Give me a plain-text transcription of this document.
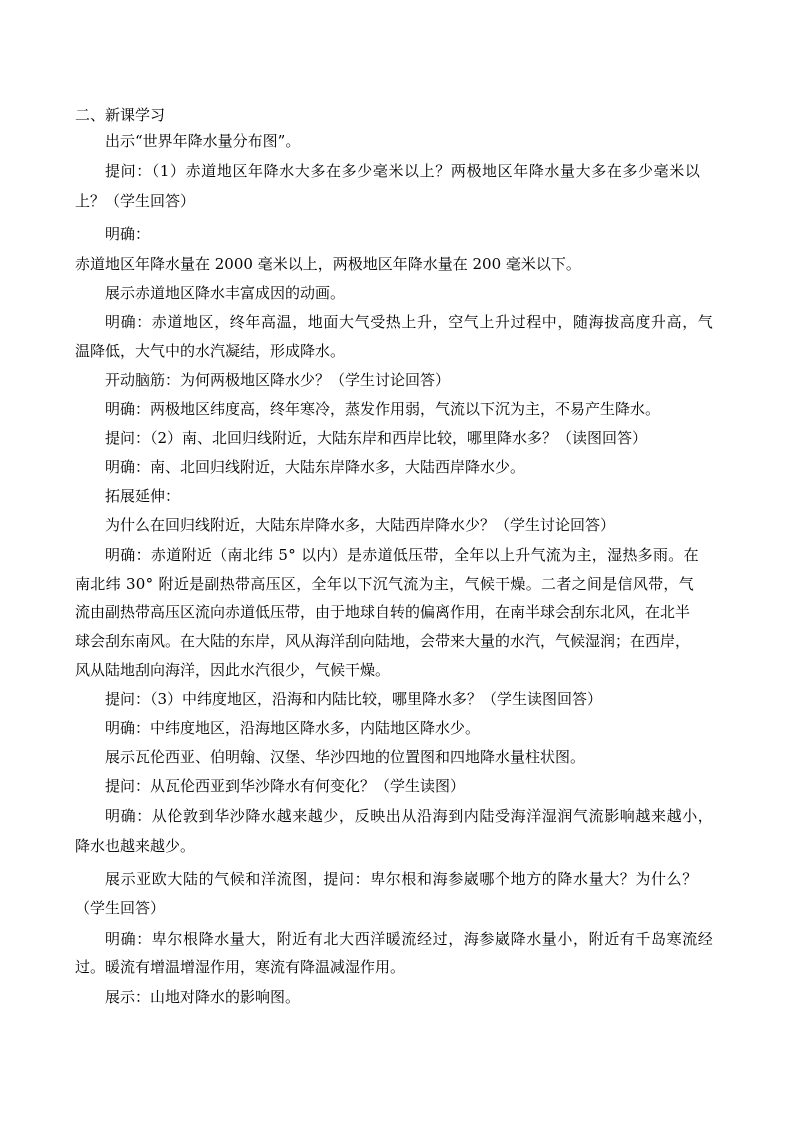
二、新课学习
出示“世界年降水量分布图”。
提问：（1）赤道地区年降水大多在多少毫米以上？两极地区年降水量大多在多少毫米以
上？（学生回答）
明确：
赤道地区年降水量在 2000 毫米以上，两极地区年降水量在 200 毫米以下。
展示赤道地区降水丰富成因的动画。
明确：赤道地区，终年高温，地面大气受热上升，空气上升过程中，随海拔高度升高，气
温降低，大气中的水汽凝结，形成降水。
开动脑筋：为何两极地区降水少？（学生讨论回答）
明确：两极地区纬度高，终年寒冷，蒸发作用弱，气流以下沉为主，不易产生降水。
提问：（2）南、北回归线附近，大陆东岸和西岸比较，哪里降水多？（读图回答）
明确：南、北回归线附近，大陆东岸降水多，大陆西岸降水少。
拓展延伸：
为什么在回归线附近，大陆东岸降水多，大陆西岸降水少？（学生讨论回答）
明确：赤道附近（南北纬 5° 以内）是赤道低压带，全年以上升气流为主，湿热多雨。在
南北纬 30° 附近是副热带高压区，全年以下沉气流为主，气候干燥。二者之间是信风带，气
流由副热带高压区流向赤道低压带，由于地球自转的偏离作用，在南半球会刮东北风，在北半
球会刮东南风。在大陆的东岸，风从海洋刮向陆地，会带来大量的水汽，气候湿润；在西岸，
风从陆地刮向海洋，因此水汽很少，气候干燥。
提问：（3）中纬度地区，沿海和内陆比较，哪里降水多？（学生读图回答）
明确：中纬度地区，沿海地区降水多，内陆地区降水少。
展示瓦伦西亚、伯明翰、汉堡、华沙四地的位置图和四地降水量柱状图。
提问：从瓦伦西亚到华沙降水有何变化？（学生读图）
明确：从伦敦到华沙降水越来越少，反映出从沿海到内陆受海洋湿润气流影响越来越小，
降水也越来越少。
展示亚欧大陆的气候和洋流图，提问：卑尔根和海参崴哪个地方的降水量大？为什么？
（学生回答）
明确：卑尔根降水量大，附近有北大西洋暖流经过，海参崴降水量小，附近有千岛寒流经
过。暖流有增温增湿作用，寒流有降温减湿作用。
展示：山地对降水的影响图。
